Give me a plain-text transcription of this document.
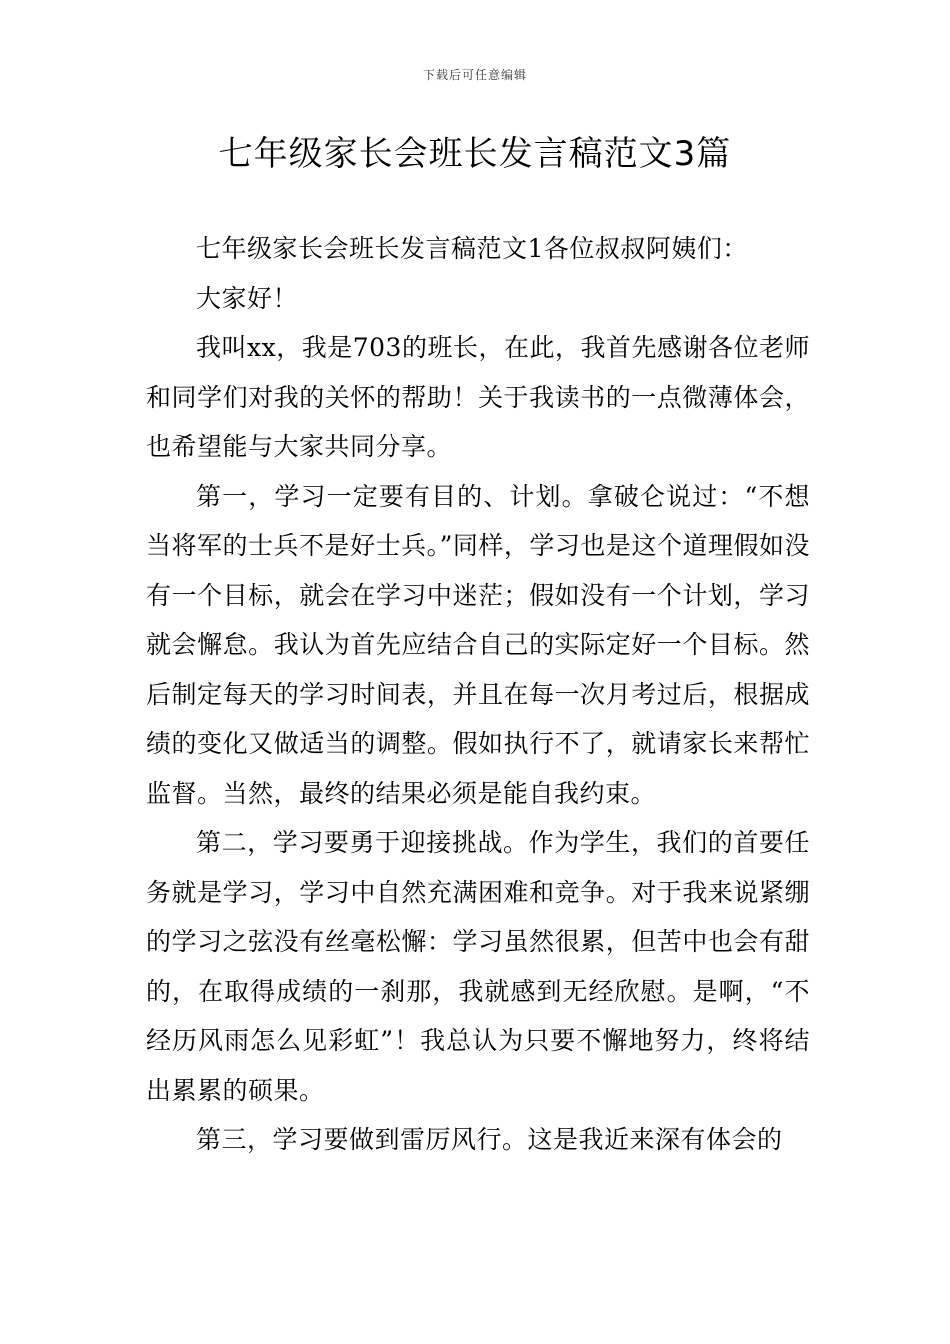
下载后可任意编辑
七年级家长会班长发言稿范文3篇

七年级家长会班长发言稿范文1各位叔叔阿姨们：

大家好！

我叫xx，我是703的班长，在此，我首先感谢各位老师和同学们对我的关怀的帮助！关于我读书的一点微薄体会，也希望能与大家共同分享。

第一，学习一定要有目的、计划。拿破仑说过：“不想当将军的士兵不是好士兵。”同样，学习也是这个道理假如没有一个目标，就会在学习中迷茫；假如没有一个计划，学习就会懈怠。我认为首先应结合自己的实际定好一个目标。然后制定每天的学习时间表，并且在每一次月考过后，根据成绩的变化又做适当的调整。假如执行不了，就请家长来帮忙监督。当然，最终的结果必须是能自我约束。

第二，学习要勇于迎接挑战。作为学生，我们的首要任务就是学习，学习中自然充满困难和竞争。对于我来说紧绷的学习之弦没有丝毫松懈：学习虽然很累，但苦中也会有甜的，在取得成绩的一刹那，我就感到无经欣慰。是啊，“不经历风雨怎么见彩虹”！我总认为只要不懈地努力，终将结出累累的硕果。

第三，学习要做到雷厉风行。这是我近来深有体会的
